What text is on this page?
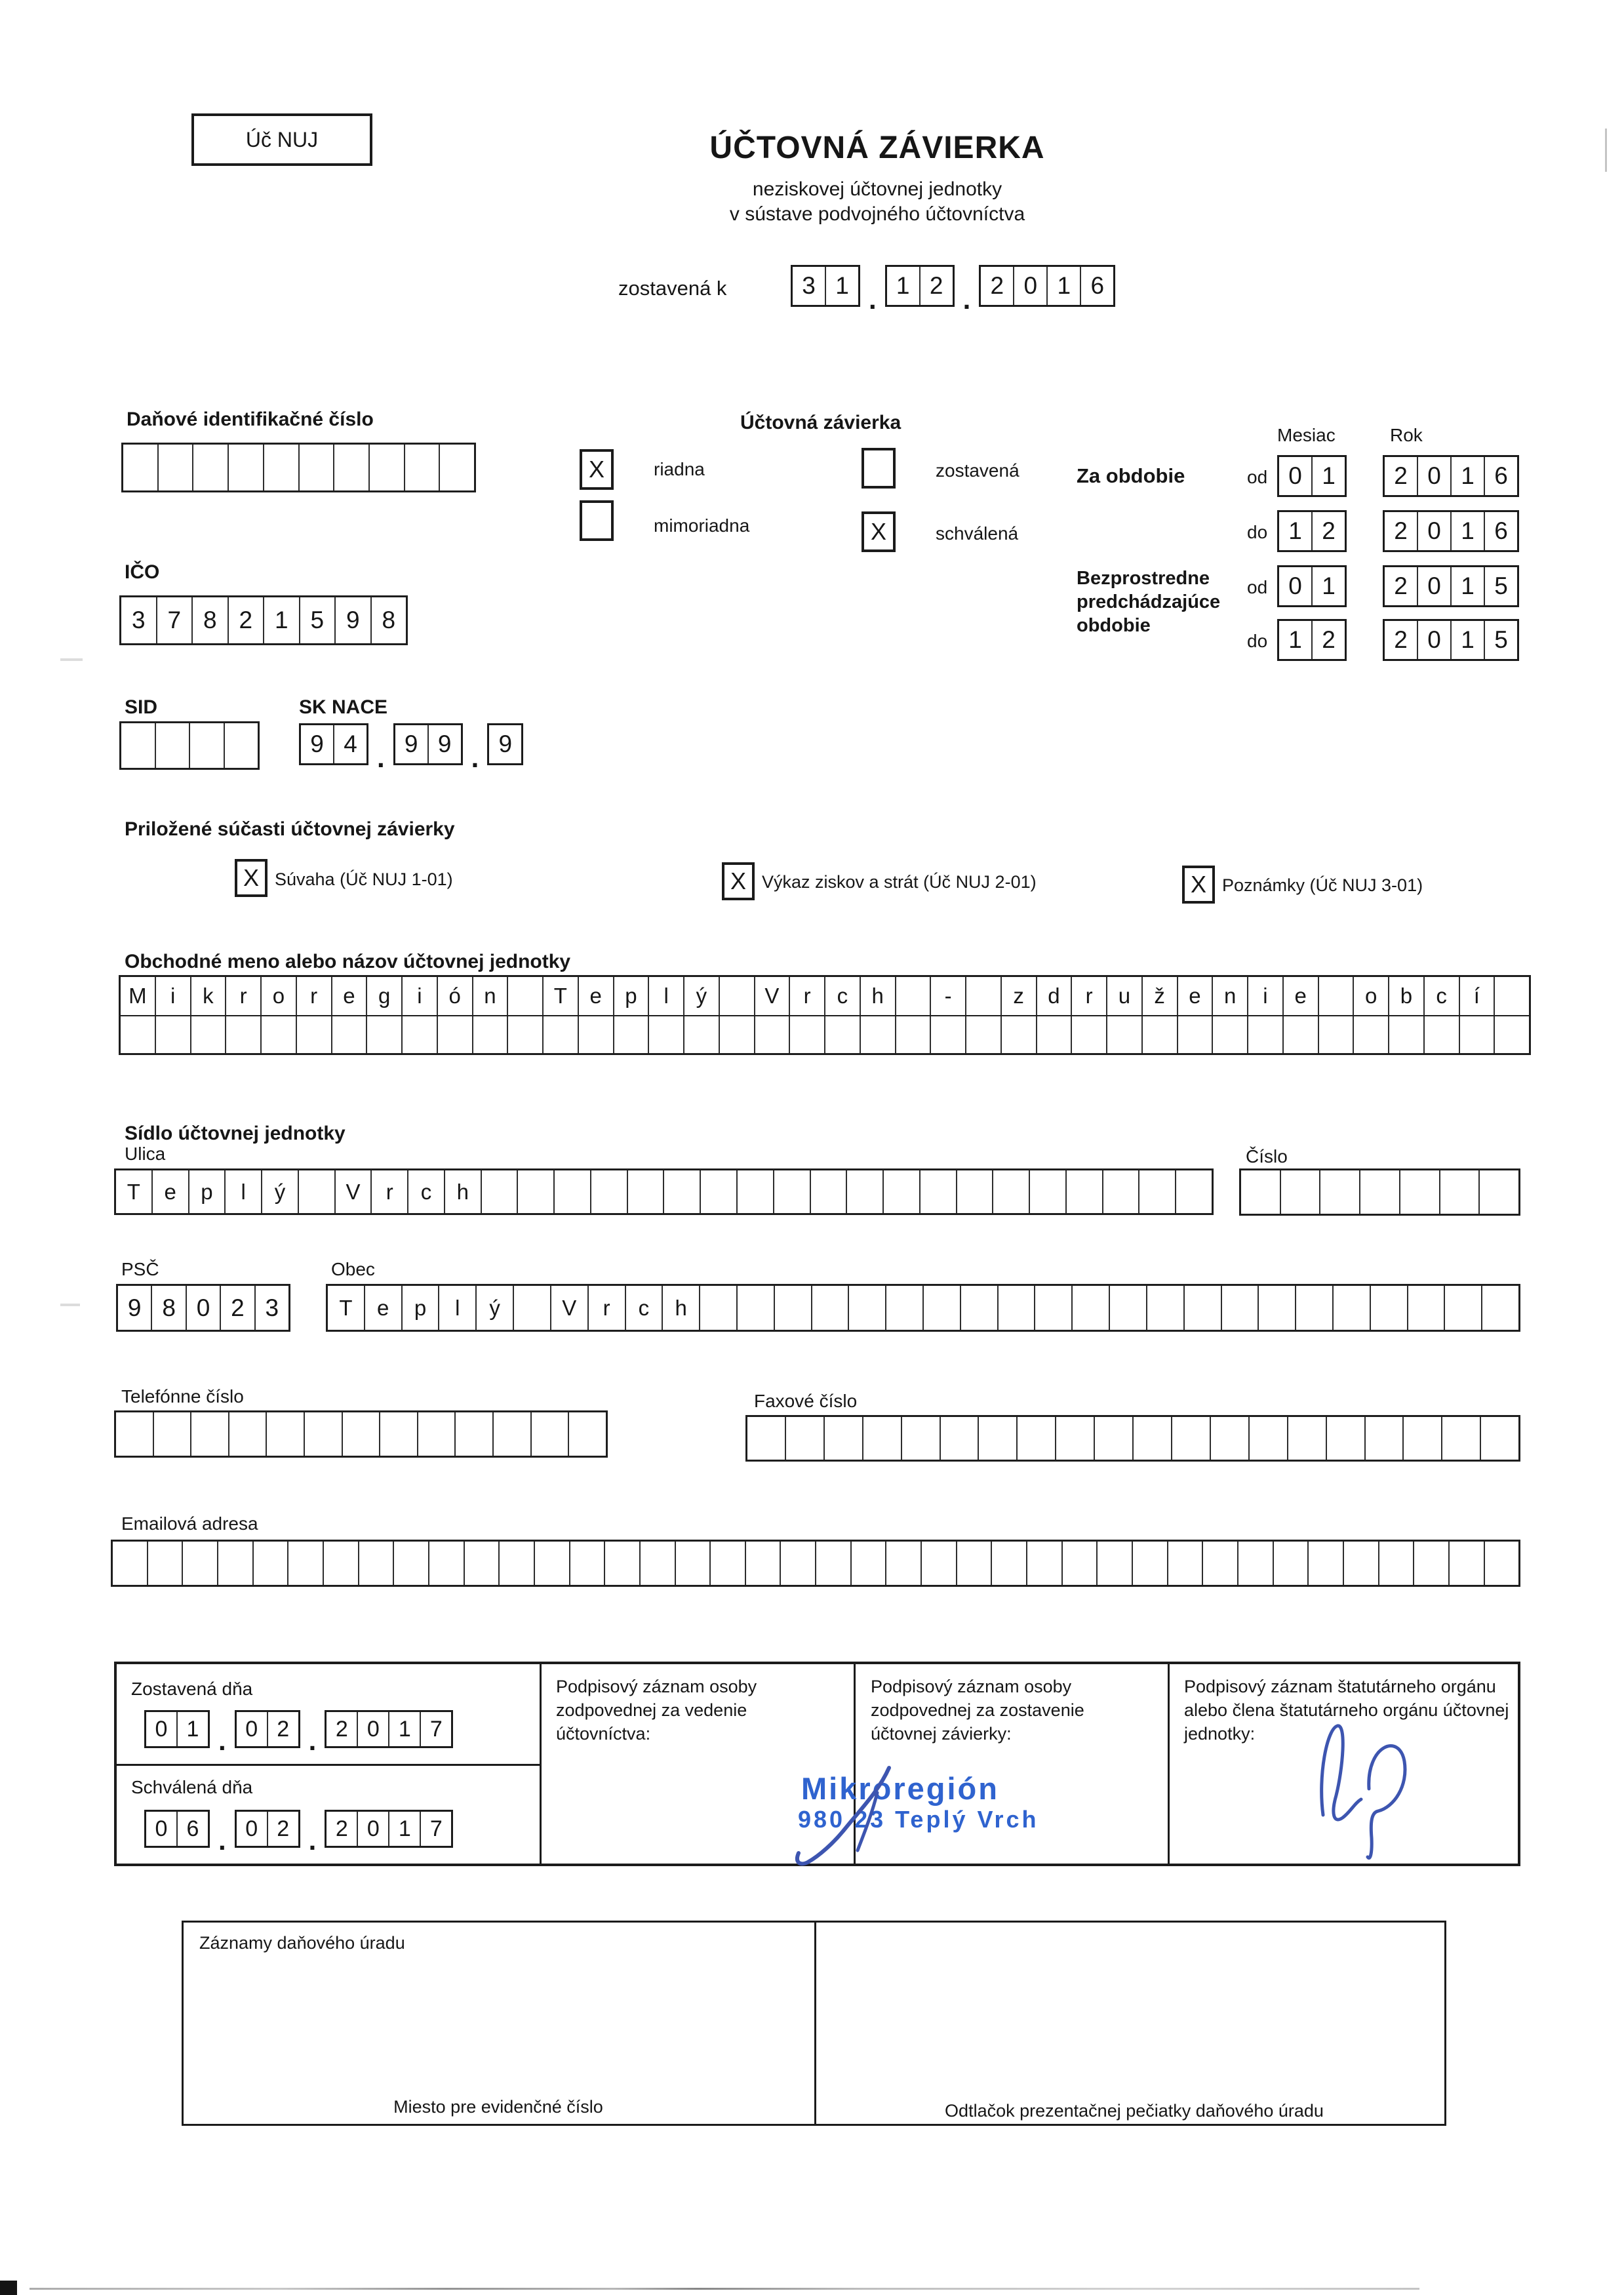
Úč NUJ	ÚČTOVNÁ ZÁVIERKA
neziskovej účtovnej jednotky
v sústave podvojného účtovníctva
zostavená k	3 1 . 1 2 . 2 0 1 6
Daňové identifikačné číslo	Účtovná závierka
X	riadna
mimoriadna
zostavená
X	schválená
Mesiac	Rok
Za obdobie	od 0 1	2 0 1 6
do 1 2	2 0 1 6
Bezprostredne
predchádzajúce
obdobie
od 0 1	2 0 1 5
do 1 2	2 0 1 5
IČO
3 7 8 2 1 5 9 8
SID	SK NACE
9 4 . 9 9 . 9
Priložené súčasti účtovnej závierky
X Súvaha (Úč NUJ 1-01)	X Výkaz ziskov a strát (Úč NUJ 2-01)	X Poznámky (Úč NUJ 3-01)
Obchodné meno alebo názov účtovnej jednotky
M	i	k	r	o	r	e	g	i	ó	n	T	e	p	l	ý	V	r	c	h	-	z	d	r	u	ž	e	n	i	e	o	b	c	í
Sídlo účtovnej jednotky
Ulica
T	e	p	l	ý	V	r	c	h
Číslo
PSČ
9 8 0 2 3
Obec
T	e	p	l	ý	V	r	c	h
Telefónne číslo	Faxové číslo
Emailová adresa
Zostavená dňa
0 1 . 0 2 . 2 0 1 7
Schválená dňa
0 6 . 0 2 . 2 0 1 7
Podpisový záznam osoby zodpovednej za vedenie účtovníctva:
Podpisový záznam osoby zodpovednej za zostavenie účtovnej závierky:
Podpisový záznam štatutárneho orgánu alebo člena štatutárneho orgánu účtovnej jednotky:
Mikroregión
980 23 Teplý Vrch
Záznamy daňového úradu
Miesto pre evidenčné číslo	Odtlačok prezentačnej pečiatky daňového úradu
